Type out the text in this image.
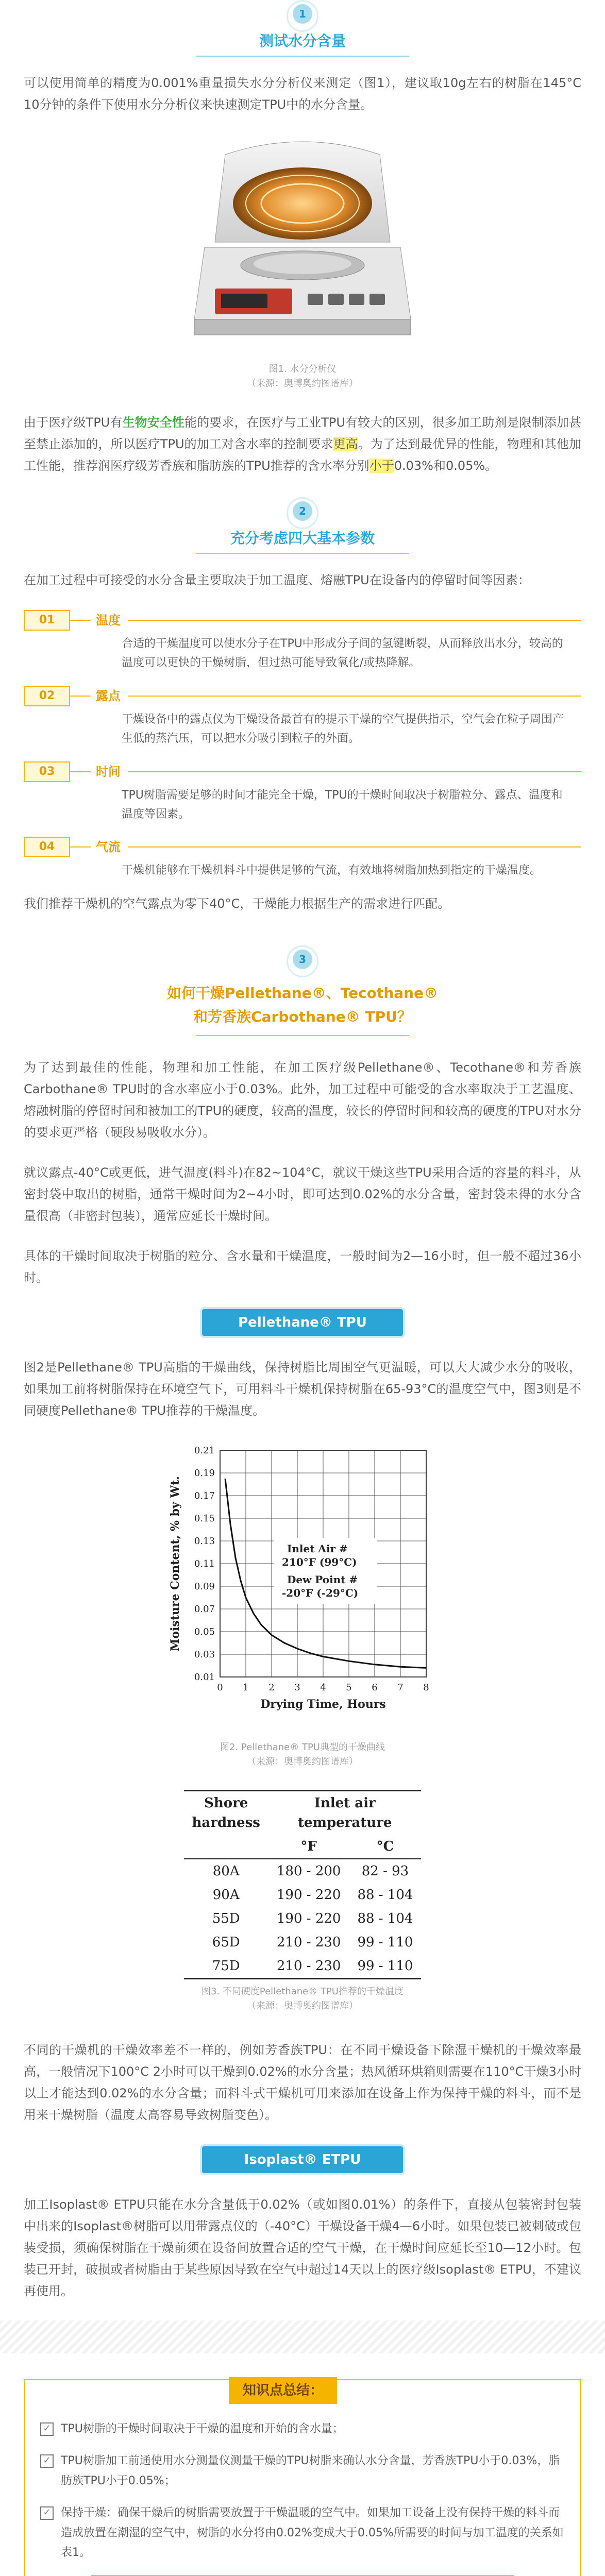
1
测试水分含量
可以使用简单的精度为0.001%重量损失水分分析仪来测定（图1），建议取10g左右的树脂在145°C 10分钟的条件下使用水分分析仪来快速测定TPU中的水分含量。
图1. 水分分析仪
（来源：奥博奥约图谱库）
由于医疗级TPU有生物安全性能的要求，在医疗与工业TPU有较大的区别，很多加工助剂是限制添加甚至禁止添加的，所以医疗TPU的加工对含水率的控制要求更高。为了达到最优异的性能，物理和其他加工性能，推荐润医疗级芳香族和脂肪族的TPU推荐的含水率分别小于0.03%和0.05%。
2
充分考虑四大基本参数
在加工过程中可接受的水分含量主要取决于加工温度、熔融TPU在设备内的停留时间等因素：
01	温度
合适的干燥温度可以使水分子在TPU中形成分子间的氢键断裂，从而释放出水分，较高的温度可以更快的干燥树脂，但过热可能导致氧化/或热降解。
02	露点
干燥设备中的露点仪为干燥设备最首有的提示干燥的空气提供指示，空气会在粒子周围产生低的蒸汽压，可以把水分吸引到粒子的外面。
03	时间
TPU树脂需要足够的时间才能完全干燥，TPU的干燥时间取决于树脂粒分、露点、温度和温度等因素。
04	气流
干燥机能够在干燥机料斗中提供足够的气流，有效地将树脂加热到指定的干燥温度。
我们推荐干燥机的空气露点为零下40°C，干燥能力根据生产的需求进行匹配。
3
如何干燥Pellethane®、Tecothane®
和芳香族Carbothane® TPU？
为了达到最佳的性能，物理和加工性能，在加工医疗级Pellethane®、Tecothane®和芳香族Carbothane® TPU时的含水率应小于0.03%。此外，加工过程中可能受的含水率取决于工艺温度、熔融树脂的停留时间和被加工的TPU的硬度，较高的温度，较长的停留时间和较高的硬度的TPU对水分的要求更严格（硬段易吸收水分）。
就议露点-40°C或更低，进气温度(料斗)在82~104°C，就议干燥这些TPU采用合适的容量的料斗，从密封袋中取出的树脂，通常干燥时间为2~4小时，即可达到0.02%的水分含量，密封袋未得的水分含量很高（非密封包装），通常应延长干燥时间。
具体的干燥时间取决于树脂的粒分、含水量和干燥温度，一般时间为2—16小时，但一般不超过36小时。
Pellethane® TPU
图2是Pellethane® TPU高脂的干燥曲线，保持树脂比周围空气更温暖，可以大大减少水分的吸收，如果加工前将树脂保持在环境空气下，可用料斗干燥机保持树脂在65-93°C的温度空气中，图3则是不同硬度Pellethane® TPU推荐的干燥温度。
0 1 2 3 4 5 6 7 8
0.01
0.03
0.05
0.07
0.09
0.11
0.13
0.15
0.17
0.19
0.21
Drying Time, Hours
Moisture Content, % by Wt.	Inlet Air #
210°F (99°C)
Dew Point #
-20°F (-29°C)
图2. Pellethane® TPU典型的干燥曲线
（来源：奥博奥约图谱库）
Shore
hardness	Inlet air
temperature	
	°F	°C
80A	180 - 200	82 - 93
90A	190 - 220	88 - 104
55D	190 - 220	88 - 104
65D	210 - 230	99 - 110
75D	210 - 230	99 - 110
图3. 不同硬度Pellethane® TPU推荐的干燥温度
（来源：奥博奥约图谱库）
不同的干燥机的干燥效率差不一样的，例如芳香族TPU：在不同干燥设备下除湿干燥机的干燥效率最高，一般情况下100°C 2小时可以干燥到0.02%的水分含量；热风循环烘箱则需要在110°C干燥3小时以上才能达到0.02%的水分含量；而料斗式干燥机可用来添加在设备上作为保持干燥的料斗，而不是用来干燥树脂（温度太高容易导致树脂变色）。
Isoplast® ETPU
加工Isoplast® ETPU只能在水分含量低于0.02%（或如图0.01%）的条件下，直接从包装密封包装中出来的Isoplast®树脂可以用带露点仪的（-40°C）干燥设备干燥4—6小时。如果包装已被刺破或包装受损，须确保树脂在干燥前须在设备间放置合适的空气干燥，在干燥时间应延长至10—12小时。包装已开封，破损或者树脂由于某些原因导致在空气中超过14天以上的医疗级Isoplast® ETPU，不建议再使用。
知识点总结：
✓ TPU树脂的干燥时间取决于干燥的温度和开始的含水量；
✓ TPU树脂加工前通使用水分测量仪测量干燥的TPU树脂来确认水分含量，芳香族TPU小于0.03%，脂肪族TPU小于0.05%；
✓ 保持干燥：确保干燥后的树脂需要放置于干燥温暖的空气中。如果加工设备上没有保持干燥的料斗而造成放置在潮湿的空气中，树脂的水分将由0.02%变成大于0.05%所需要的时间与加工温度的关系如表1。
